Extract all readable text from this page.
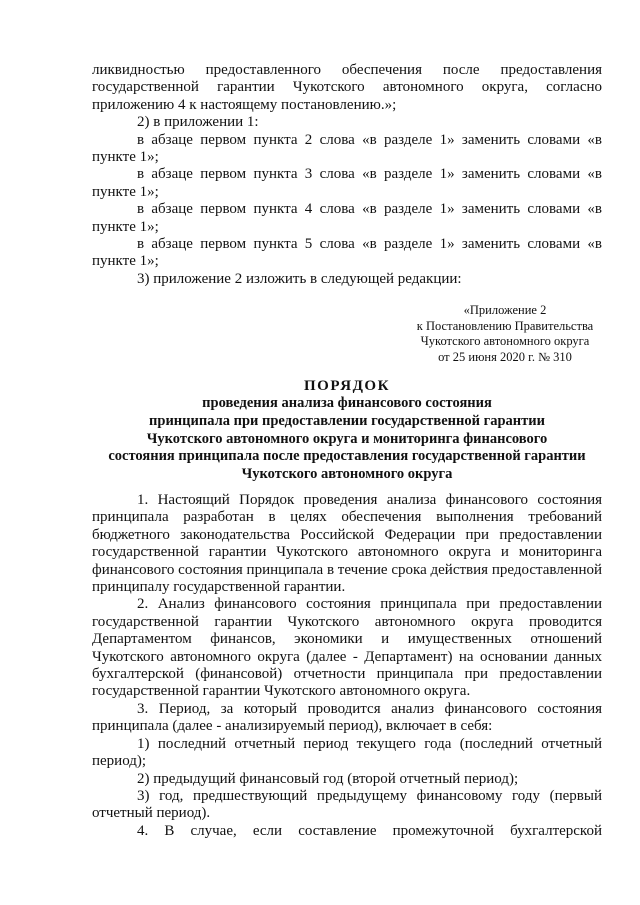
ликвидностью предоставленного обеспечения после предоставления государственной гарантии Чукотского автономного округа, согласно приложению 4 к настоящему постановлению.»;

2) в приложении 1:

в абзаце первом пункта 2 слова «в разделе 1» заменить словами «в пункте 1»;

в абзаце первом пункта 3 слова «в разделе 1» заменить словами «в пункте 1»;

в абзаце первом пункта 4 слова «в разделе 1» заменить словами «в пункте 1»;

в абзаце первом пункта 5 слова «в разделе 1» заменить словами «в пункте 1»;

3) приложение 2 изложить в следующей редакции:

«Приложение 2
к Постановлению Правительства
Чукотского автономного округа
от 25 июня 2020 г. № 310
ПОРЯДОК
проведения анализа финансового состояния
принципала при предоставлении государственной гарантии
Чукотского автономного округа и мониторинга финансового
состояния принципала после предоставления государственной гарантии
Чукотского автономного округа

1. Настоящий Порядок проведения анализа финансового состояния принципала разработан в целях обеспечения выполнения требований бюджетного законодательства Российской Федерации при предоставлении государственной гарантии Чукотского автономного округа и мониторинга финансового состояния принципала в течение срока действия предоставленной принципалу государственной гарантии.

2. Анализ финансового состояния принципала при предоставлении государственной гарантии Чукотского автономного округа проводится Департаментом финансов, экономики и имущественных отношений Чукотского автономного округа (далее - Департамент) на основании данных бухгалтерской (финансовой) отчетности принципала при предоставлении государственной гарантии Чукотского автономного округа.

3. Период, за который проводится анализ финансового состояния принципала (далее - анализируемый период), включает в себя:

1) последний отчетный период текущего года (последний отчетный период);

2) предыдущий финансовый год (второй отчетный период);

3) год, предшествующий предыдущему финансовому году (первый отчетный период).

4. В случае, если составление промежуточной бухгалтерской
